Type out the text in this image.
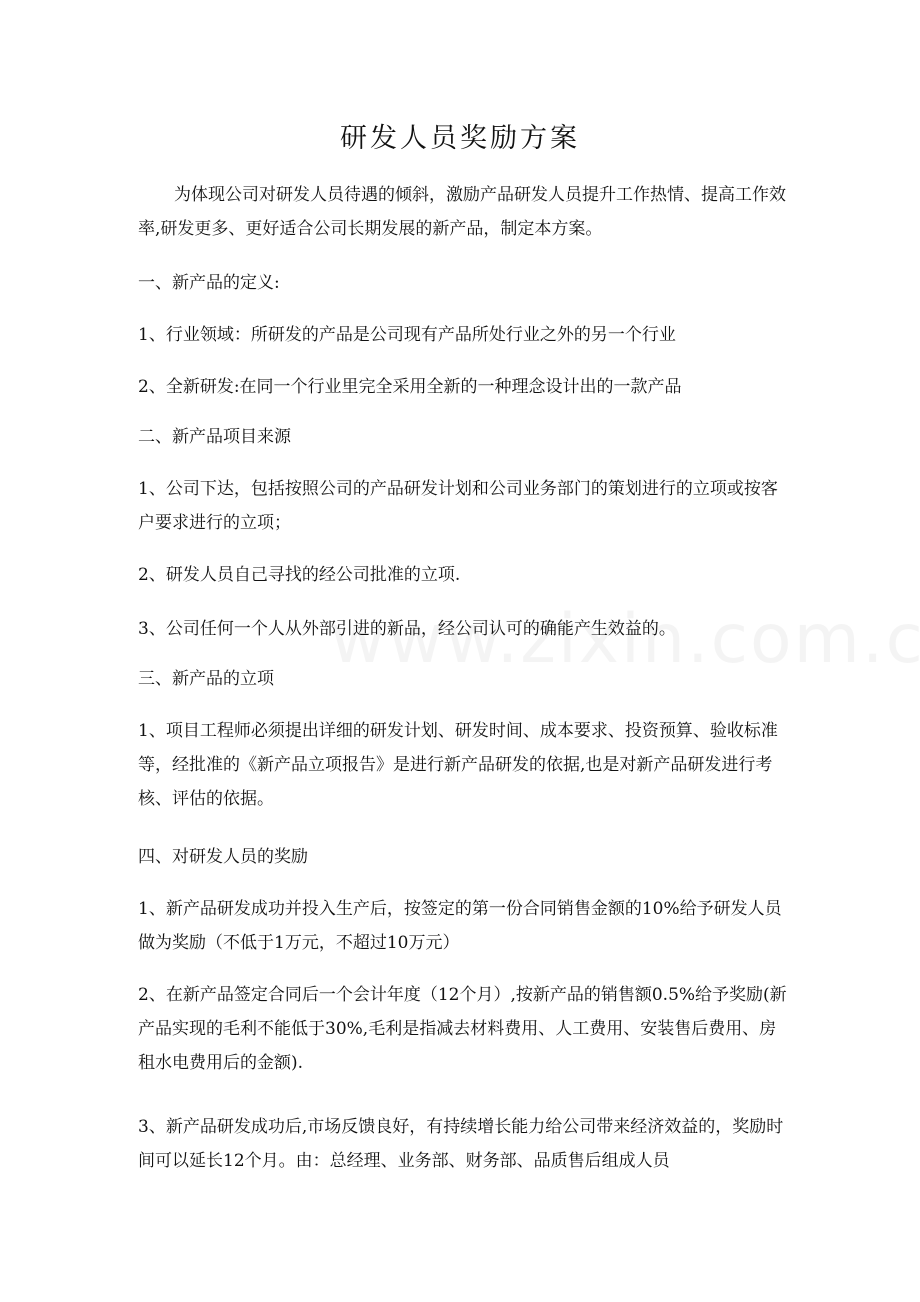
研发人员奖励方案
为体现公司对研发人员待遇的倾斜，激励产品研发人员提升工作热情、提高工作效率,研发更多、更好适合公司长期发展的新产品，制定本方案。
一、新产品的定义:
1、行业领域：所研发的产品是公司现有产品所处行业之外的另一个行业
2、全新研发:在同一个行业里完全采用全新的一种理念设计出的一款产品
二、新产品项目来源
1、公司下达，包括按照公司的产品研发计划和公司业务部门的策划进行的立项或按客户要求进行的立项；
2、研发人员自己寻找的经公司批准的立项.
3、公司任何一个人从外部引进的新品，经公司认可的确能产生效益的。
三、新产品的立项
1、项目工程师必须提出详细的研发计划、研发时间、成本要求、投资预算、验收标准等，经批准的《新产品立项报告》是进行新产品研发的依据,也是对新产品研发进行考核、评估的依据。
四、对研发人员的奖励
1、新产品研发成功并投入生产后，按签定的第一份合同销售金额的10%给予研发人员做为奖励（不低于1万元，不超过10万元）
2、在新产品签定合同后一个会计年度（12个月）,按新产品的销售额0.5%给予奖励(新产品实现的毛利不能低于30%,毛利是指减去材料费用、人工费用、安装售后费用、房租水电费用后的金额).
3、新产品研发成功后,市场反馈良好，有持续增长能力给公司带来经济效益的，奖励时间可以延长12个月。由：总经理、业务部、财务部、品质售后组成人员
